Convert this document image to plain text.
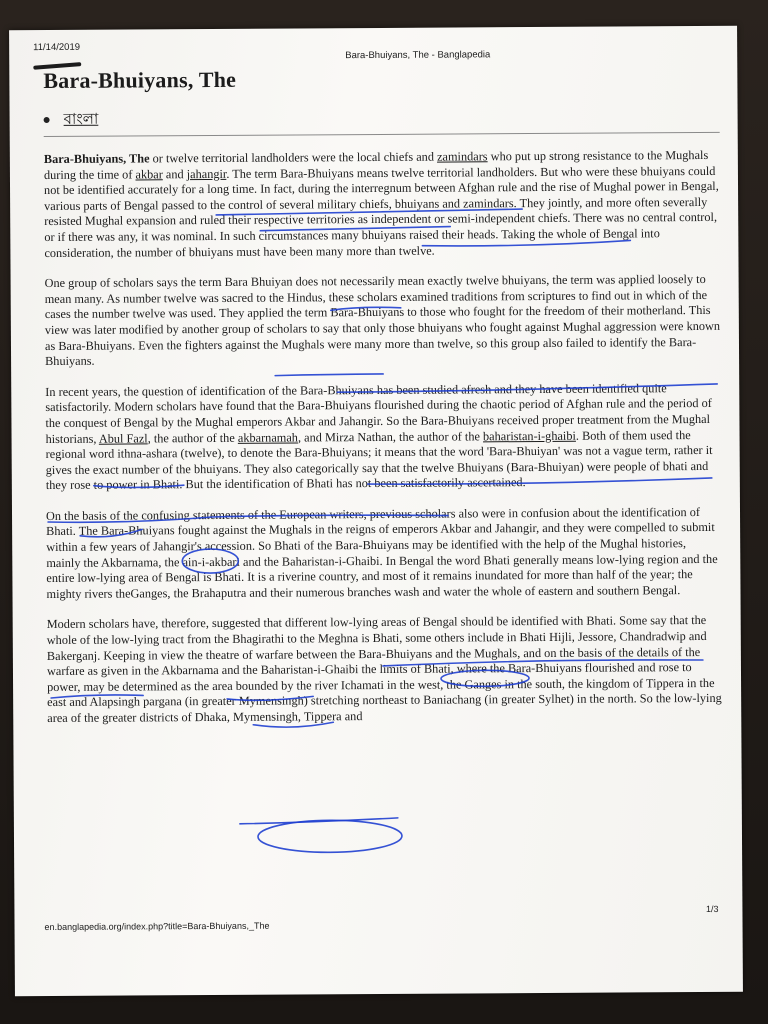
11/14/2019
Bara-Bhuiyans, The - Banglapedia
Bara-Bhuiyans, The
বাংলা

Bara-Bhuiyans, The or twelve territorial landholders were the local chiefs and zamindars who put up strong resistance to the Mughals during the time of akbar and jahangir. The term Bara-Bhuiyans means twelve territorial landholders. But who were these bhuiyans could not be identified accurately for a long time. In fact, during the interregnum between Afghan rule and the rise of Mughal power in Bengal, various parts of Bengal passed to the control of several military chiefs, bhuiyans and zamindars. They jointly, and more often severally resisted Mughal expansion and ruled their respective territories as independent or semi-independent chiefs. There was no central control, or if there was any, it was nominal. In such circumstances many bhuiyans raised their heads. Taking the whole of Bengal into consideration, the number of bhuiyans must have been many more than twelve.

One group of scholars says the term Bara Bhuiyan does not necessarily mean exactly twelve bhuiyans, the term was applied loosely to mean many. As number twelve was sacred to the Hindus, these scholars examined traditions from scriptures to find out in which of the cases the number twelve was used. They applied the term Bara-Bhuiyans to those who fought for the freedom of their motherland. This view was later modified by another group of scholars to say that only those bhuiyans who fought against Mughal aggression were known as Bara-Bhuiyans. Even the fighters against the Mughals were many more than twelve, so this group also failed to identify the Bara-Bhuiyans.

In recent years, the question of identification of the Bara-Bhuiyans has been studied afresh and they have been identified quite satisfactorily. Modern scholars have found that the Bara-Bhuiyans flourished during the chaotic period of Afghan rule and the period of the conquest of Bengal by the Mughal emperors Akbar and Jahangir. So the Bara-Bhuiyans received proper treatment from the Mughal historians, Abul Fazl, the author of the akbarnamah, and Mirza Nathan, the author of the baharistan-i-ghaibi. Both of them used the regional word ithna-ashara (twelve), to denote the Bara-Bhuiyans; it means that the word 'Bara-Bhuiyan' was not a vague term, rather it gives the exact number of the bhuiyans. They also categorically say that the twelve Bhuiyans (Bara-Bhuiyan) were people of bhati and they rose to power in Bhati. But the identification of Bhati has not been satisfactorily ascertained.

On the basis of the confusing statements of the European writers, previous scholars also were in confusion about the identification of Bhati. The Bara-Bhuiyans fought against the Mughals in the reigns of emperors Akbar and Jahangir, and they were compelled to submit within a few years of Jahangir's accession. So Bhati of the Bara-Bhuiyans may be identified with the help of the Mughal histories, mainly the Akbarnama, the ain-i-akbari and the Baharistan-i-Ghaibi. In Bengal the word Bhati generally means low-lying region and the entire low-lying area of Bengal is Bhati. It is a riverine country, and most of it remains inundated for more than half of the year; the mighty rivers theGanges, the Brahaputra and their numerous branches wash and water the whole of eastern and southern Bengal.

Modern scholars have, therefore, suggested that different low-lying areas of Bengal should be identified with Bhati. Some say that the whole of the low-lying tract from the Bhagirathi to the Meghna is Bhati, some others include in Bhati Hijli, Jessore, Chandradwip and Bakerganj. Keeping in view the theatre of warfare between the Bara-Bhuiyans and the Mughals, and on the basis of the details of the warfare as given in the Akbarnama and the Baharistan-i-Ghaibi the limits of Bhati, where the Bara-Bhuiyans flourished and rose to power, may be determined as the area bounded by the river Ichamati in the west, the Ganges in the south, the kingdom of Tippera in the east and Alapsingh pargana (in greater Mymensingh) stretching northeast to Baniachang (in greater Sylhet) in the north. So the low-lying area of the greater districts of Dhaka, Mymensingh, Tippera and

en.banglapedia.org/index.php?title=Bara-Bhuiyans,_The
1/3
